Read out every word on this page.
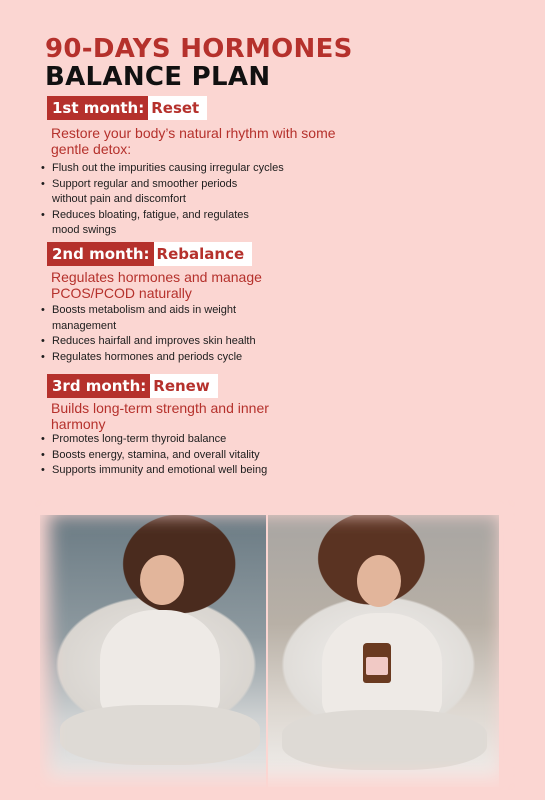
90-DAYS HORMONES
BALANCE PLAN
1st month: Reset
Restore your body’s natural rhythm with some gentle detox:
• Flush out the impurities causing irregular cycles
• Support regular and smoother periods without pain and discomfort
• Reduces bloating, fatigue, and regulates mood swings
2nd month: Rebalance
Regulates hormones and manage PCOS/PCOD naturally
• Boosts metabolism and aids in weight management
• Reduces hairfall and improves skin health
• Regulates hormones and periods cycle
3rd month: Renew
Builds long-term strength and inner harmony
• Promotes long-term thyroid balance
• Boosts energy, stamina, and overall vitality
• Supports immunity and emotional well being
